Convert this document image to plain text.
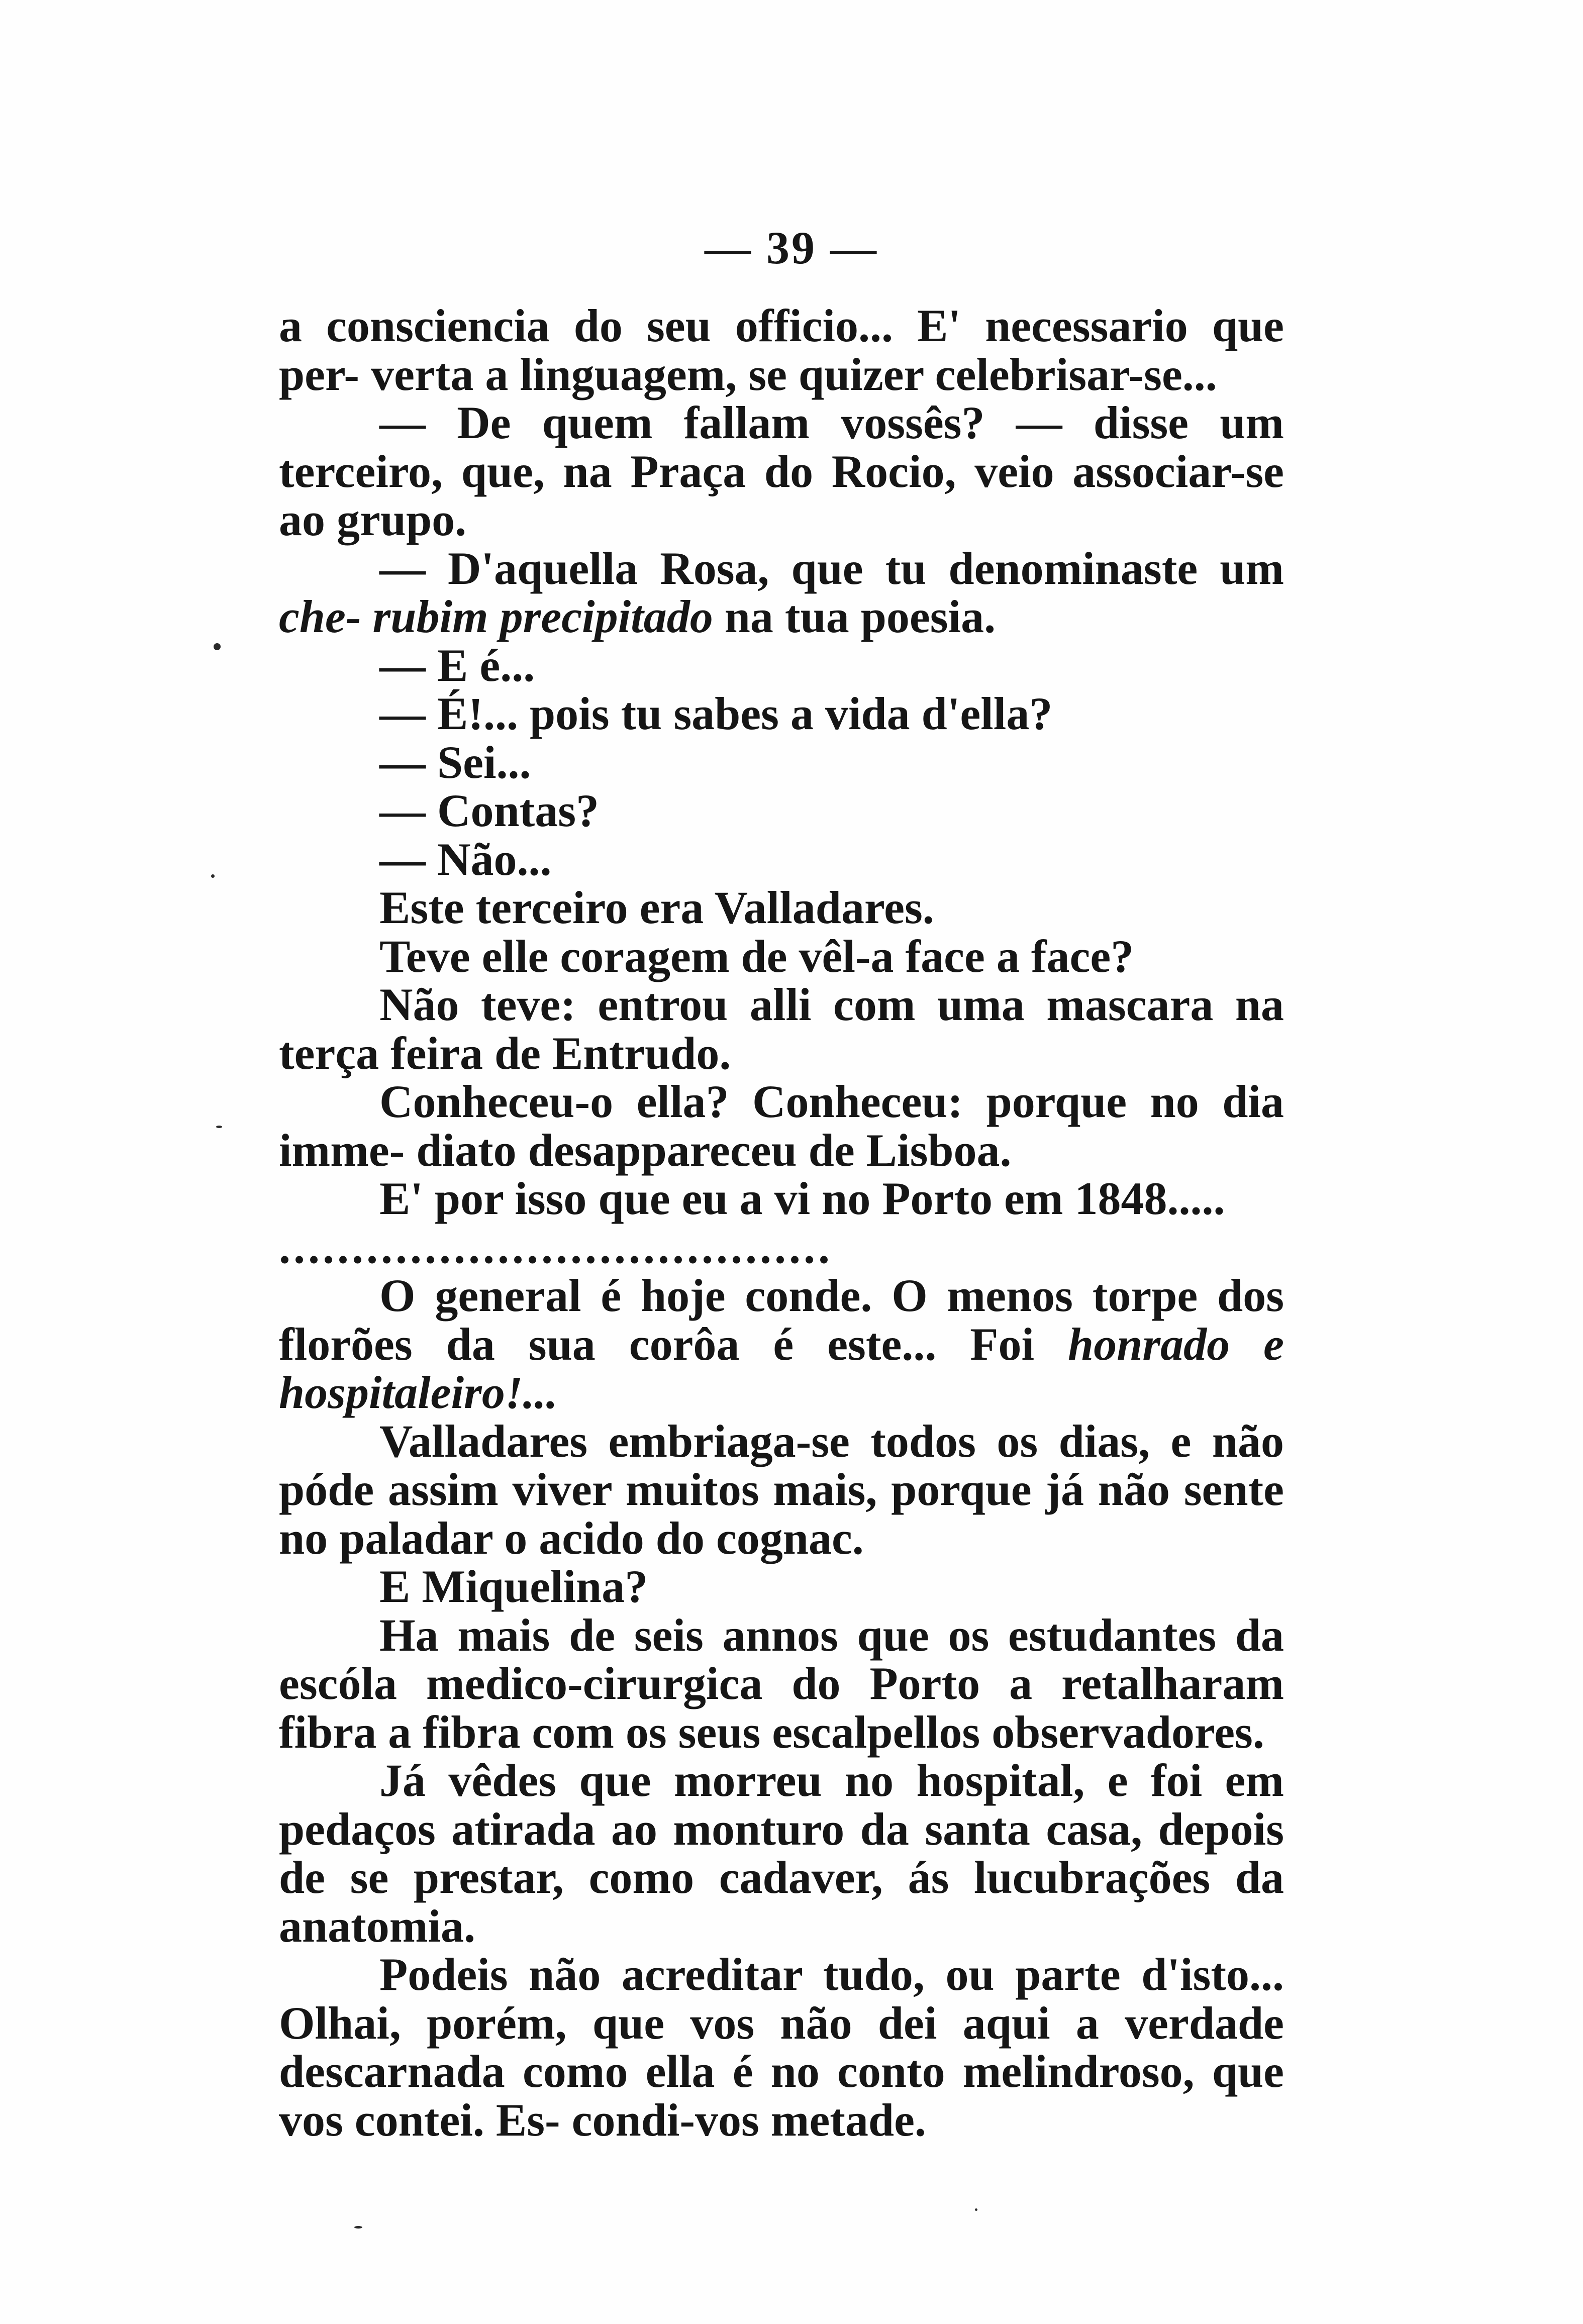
— 39 —

a consciencia do seu officio... E' necessario que per- verta a linguagem, se quizer celebrisar-se...

— De quem fallam vossês? — disse um terceiro, que, na Praça do Rocio, veio associar-se ao grupo.

— D'aquella Rosa, que tu denominaste um che- rubim precipitado na tua poesia.

— E é...

— É!... pois tu sabes a vida d'ella?

— Sei...

— Contas?

— Não...

Este terceiro era Valladares.

Teve elle coragem de vêl-a face a face?

Não teve: entrou alli com uma mascara na terça feira de Entrudo.

Conheceu-o ella? Conheceu: porque no dia imme- diato desappareceu de Lisboa.

E' por isso que eu a vi no Porto em 1848.....

......................................

O general é hoje conde. O menos torpe dos florões da sua corôa é este... Foi honrado e hospitaleiro!...

Valladares embriaga-se todos os dias, e não póde assim viver muitos mais, porque já não sente no paladar o acido do cognac.

E Miquelina?

Ha mais de seis annos que os estudantes da escóla medico-cirurgica do Porto a retalharam fibra a fibra com os seus escalpellos observadores.

Já vêdes que morreu no hospital, e foi em pedaços atirada ao monturo da santa casa, depois de se prestar, como cadaver, ás lucubrações da anatomia.

Podeis não acreditar tudo, ou parte d'isto... Olhai, porém, que vos não dei aqui a verdade descarnada como ella é no conto melindroso, que vos contei. Es- condi-vos metade.
